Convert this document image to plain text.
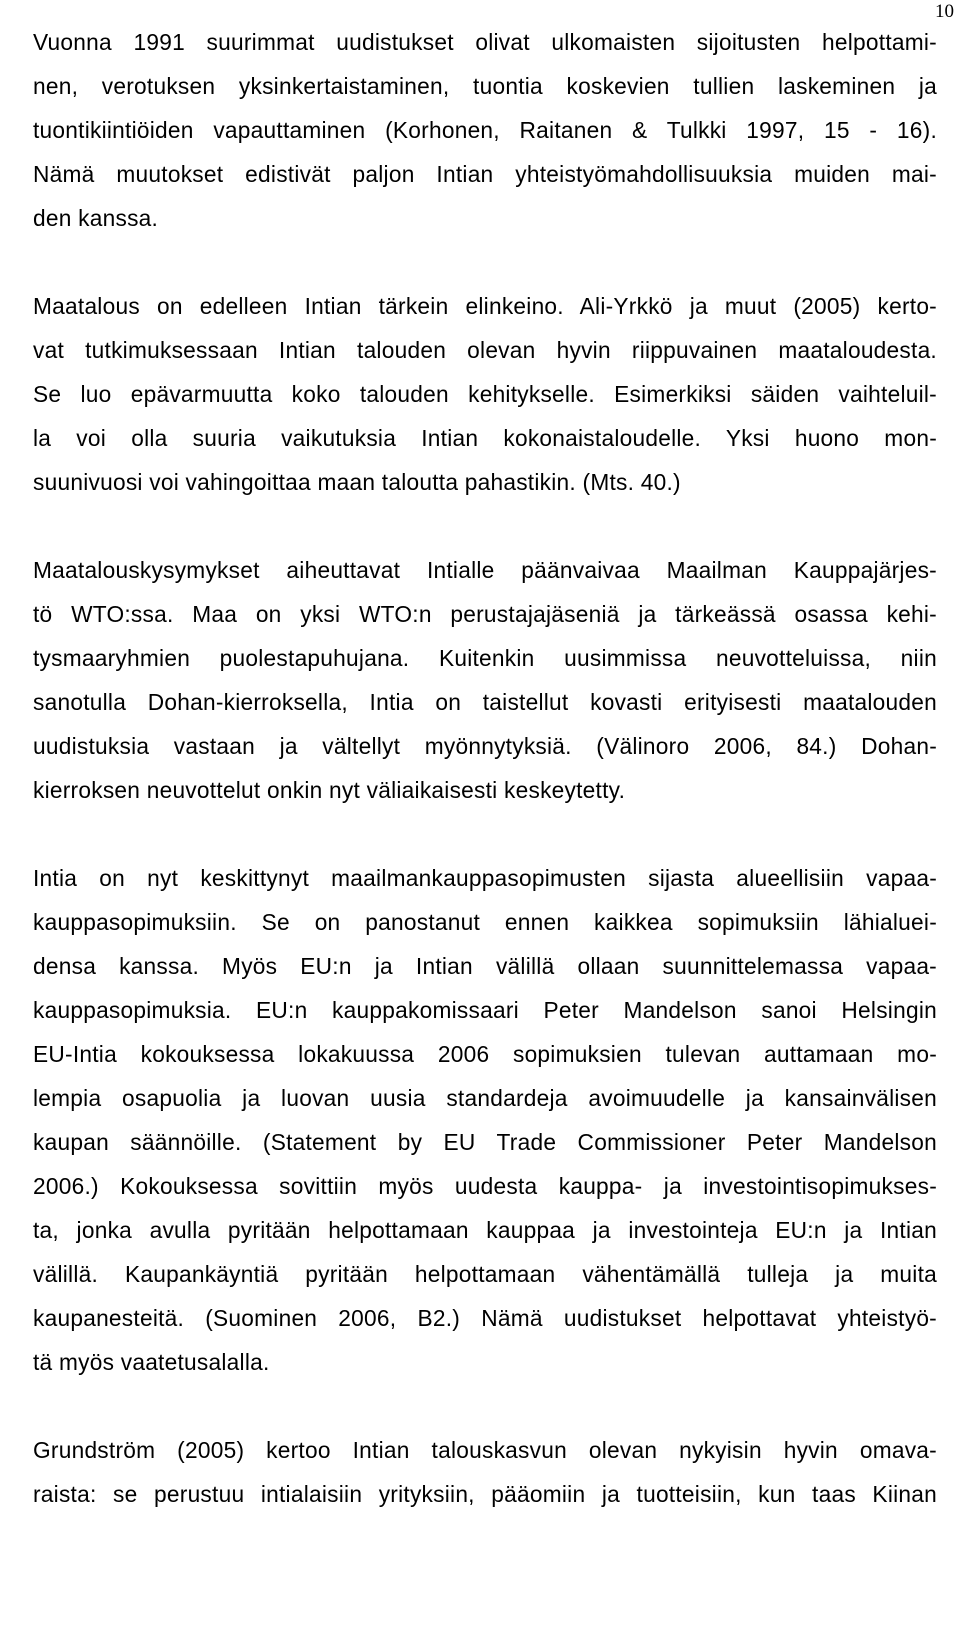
10
Vuonna 1991 suurimmat uudistukset olivat ulkomaisten sijoitusten helpottami-
nen, verotuksen yksinkertaistaminen, tuontia koskevien tullien laskeminen ja
tuontikiintiöiden vapauttaminen (Korhonen, Raitanen & Tulkki 1997, 15 - 16).
Nämä muutokset edistivät paljon Intian yhteistyömahdollisuuksia muiden mai-
den kanssa.
Maatalous on edelleen Intian tärkein elinkeino. Ali-Yrkkö ja muut (2005) kerto-
vat tutkimuksessaan Intian talouden olevan hyvin riippuvainen maataloudesta.
Se luo epävarmuutta koko talouden kehitykselle. Esimerkiksi säiden vaihteluil-
la voi olla suuria vaikutuksia Intian kokonaistaloudelle. Yksi huono mon-
suunivuosi voi vahingoittaa maan taloutta pahastikin. (Mts. 40.)
Maatalouskysymykset aiheuttavat Intialle päänvaivaa Maailman Kauppajärjes-
tö WTO:ssa. Maa on yksi WTO:n perustajajäseniä ja tärkeässä osassa kehi-
tysmaaryhmien puolestapuhujana. Kuitenkin uusimmissa neuvotteluissa, niin
sanotulla Dohan-kierroksella, Intia on taistellut kovasti erityisesti maatalouden
uudistuksia vastaan ja vältellyt myönnytyksiä. (Välinoro 2006, 84.) Dohan-
kierroksen neuvottelut onkin nyt väliaikaisesti keskeytetty.
Intia on nyt keskittynyt maailmankauppasopimusten sijasta alueellisiin vapaa-
kauppasopimuksiin. Se on panostanut ennen kaikkea sopimuksiin lähialuei-
densa kanssa. Myös EU:n ja Intian välillä ollaan suunnittelemassa vapaa-
kauppasopimuksia. EU:n kauppakomissaari Peter Mandelson sanoi Helsingin
EU-Intia kokouksessa lokakuussa 2006 sopimuksien tulevan auttamaan mo-
lempia osapuolia ja luovan uusia standardeja avoimuudelle ja kansainvälisen
kaupan säännöille. (Statement by EU Trade Commissioner Peter Mandelson
2006.) Kokouksessa sovittiin myös uudesta kauppa- ja investointisopimukses-
ta, jonka avulla pyritään helpottamaan kauppaa ja investointeja EU:n ja Intian
välillä. Kaupankäyntiä pyritään helpottamaan vähentämällä tulleja ja muita
kaupanesteitä. (Suominen 2006, B2.) Nämä uudistukset helpottavat yhteistyö-
tä myös vaatetusalalla.
Grundström (2005) kertoo Intian talouskasvun olevan nykyisin hyvin omava-
raista: se perustuu intialaisiin yrityksiin, pääomiin ja tuotteisiin, kun taas Kiinan
